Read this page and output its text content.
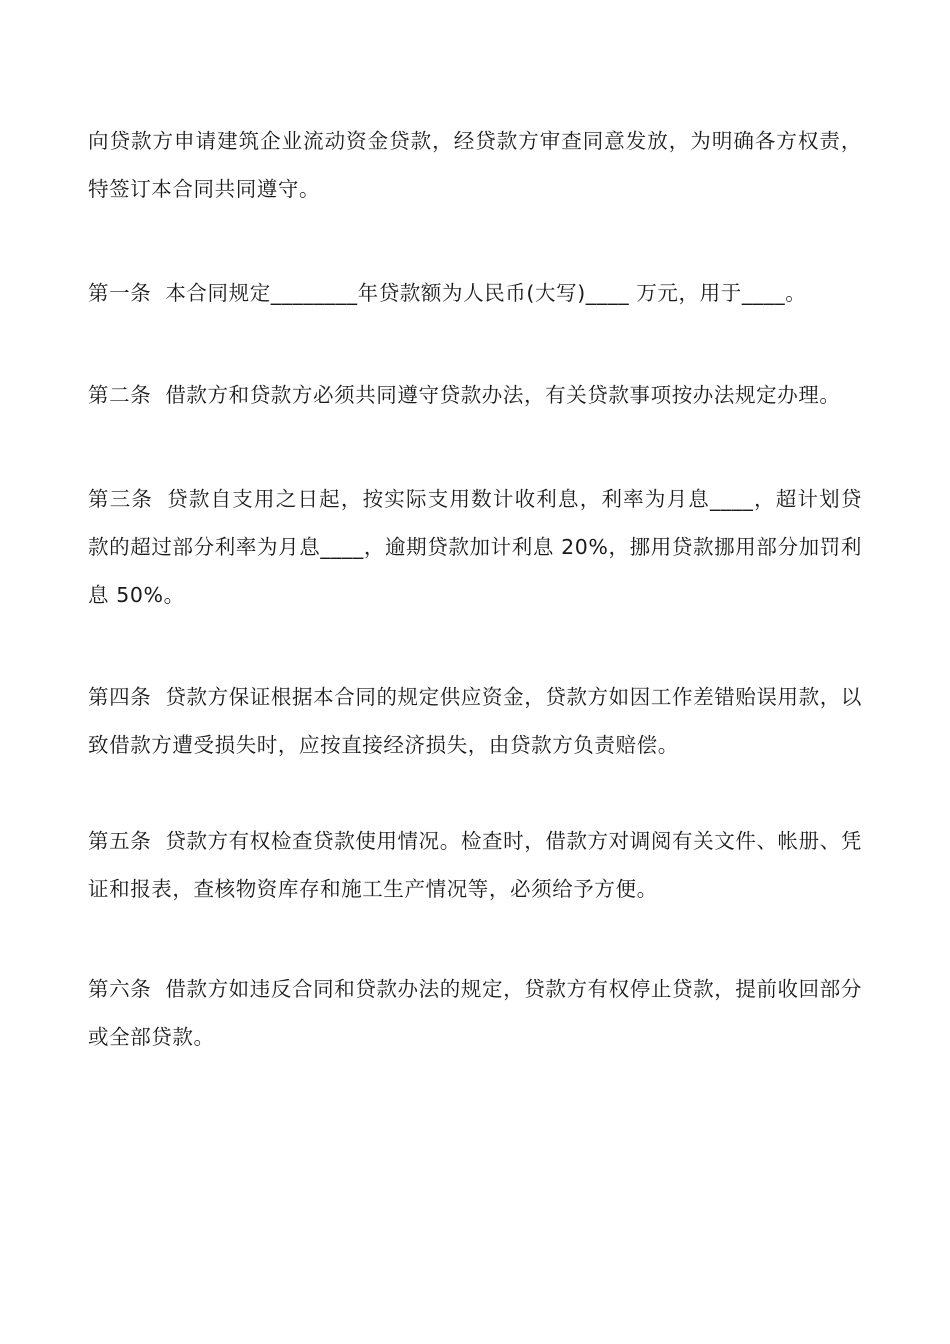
向贷款方申请建筑企业流动资金贷款，经贷款方审查同意发放，为明确各方权责，特签订本合同共同遵守。

第一条 本合同规定________年贷款额为人民币(大写)____ 万元，用于____。

第二条 借款方和贷款方必须共同遵守贷款办法，有关贷款事项按办法规定办理。

第三条 贷款自支用之日起，按实际支用数计收利息，利率为月息____，超计划贷款的超过部分利率为月息____，逾期贷款加计利息 20%，挪用贷款挪用部分加罚利息 50%。

第四条 贷款方保证根据本合同的规定供应资金，贷款方如因工作差错贻误用款，以致借款方遭受损失时，应按直接经济损失，由贷款方负责赔偿。

第五条 贷款方有权检查贷款使用情况。检查时，借款方对调阅有关文件、帐册、凭证和报表，查核物资库存和施工生产情况等，必须给予方便。

第六条 借款方如违反合同和贷款办法的规定，贷款方有权停止贷款，提前收回部分或全部贷款。
